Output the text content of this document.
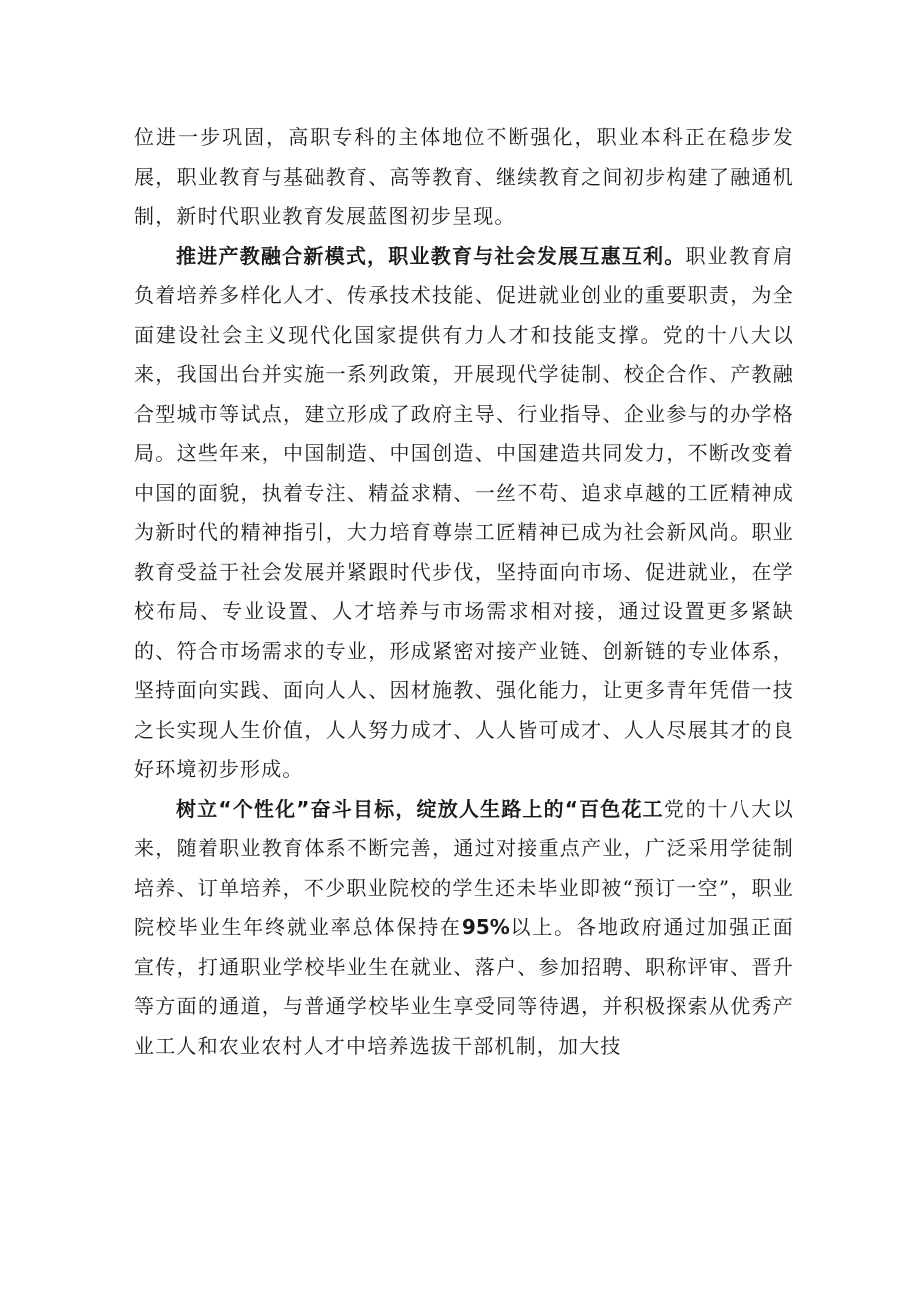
位进一步巩固，高职专科的主体地位不断强化，职业本科正在稳步发展，职业教育与基础教育、高等教育、继续教育之间初步构建了融通机制，新时代职业教育发展蓝图初步呈现。

推进产教融合新模式，职业教育与社会发展互惠互利。职业教育肩负着培养多样化人才、传承技术技能、促进就业创业的重要职责，为全面建设社会主义现代化国家提供有力人才和技能支撑。党的十八大以来，我国出台并实施一系列政策，开展现代学徒制、校企合作、产教融合型城市等试点，建立形成了政府主导、行业指导、企业参与的办学格局。这些年来，中国制造、中国创造、中国建造共同发力，不断改变着中国的面貌，执着专注、精益求精、一丝不苟、追求卓越的工匠精神成为新时代的精神指引，大力培育尊崇工匠精神已成为社会新风尚。职业教育受益于社会发展并紧跟时代步伐，坚持面向市场、促进就业，在学校布局、专业设置、人才培养与市场需求相对接，通过设置更多紧缺的、符合市场需求的专业，形成紧密对接产业链、创新链的专业体系，坚持面向实践、面向人人、因材施教、强化能力，让更多青年凭借一技之长实现人生价值，人人努力成才、人人皆可成才、人人尽展其才的良好环境初步形成。

树立“个性化”奋斗目标，绽放人生路上的“百色花工党的十八大以来，随着职业教育体系不断完善，通过对接重点产业，广泛采用学徒制培养、订单培养，不少职业院校的学生还未毕业即被“预订一空”，职业院校毕业生年终就业率总体保持在95%以上。各地政府通过加强正面宣传，打通职业学校毕业生在就业、落户、参加招聘、职称评审、晋升等方面的通道，与普通学校毕业生享受同等待遇，并积极探索从优秀产业工人和农业农村人才中培养选拔干部机制，加大技
